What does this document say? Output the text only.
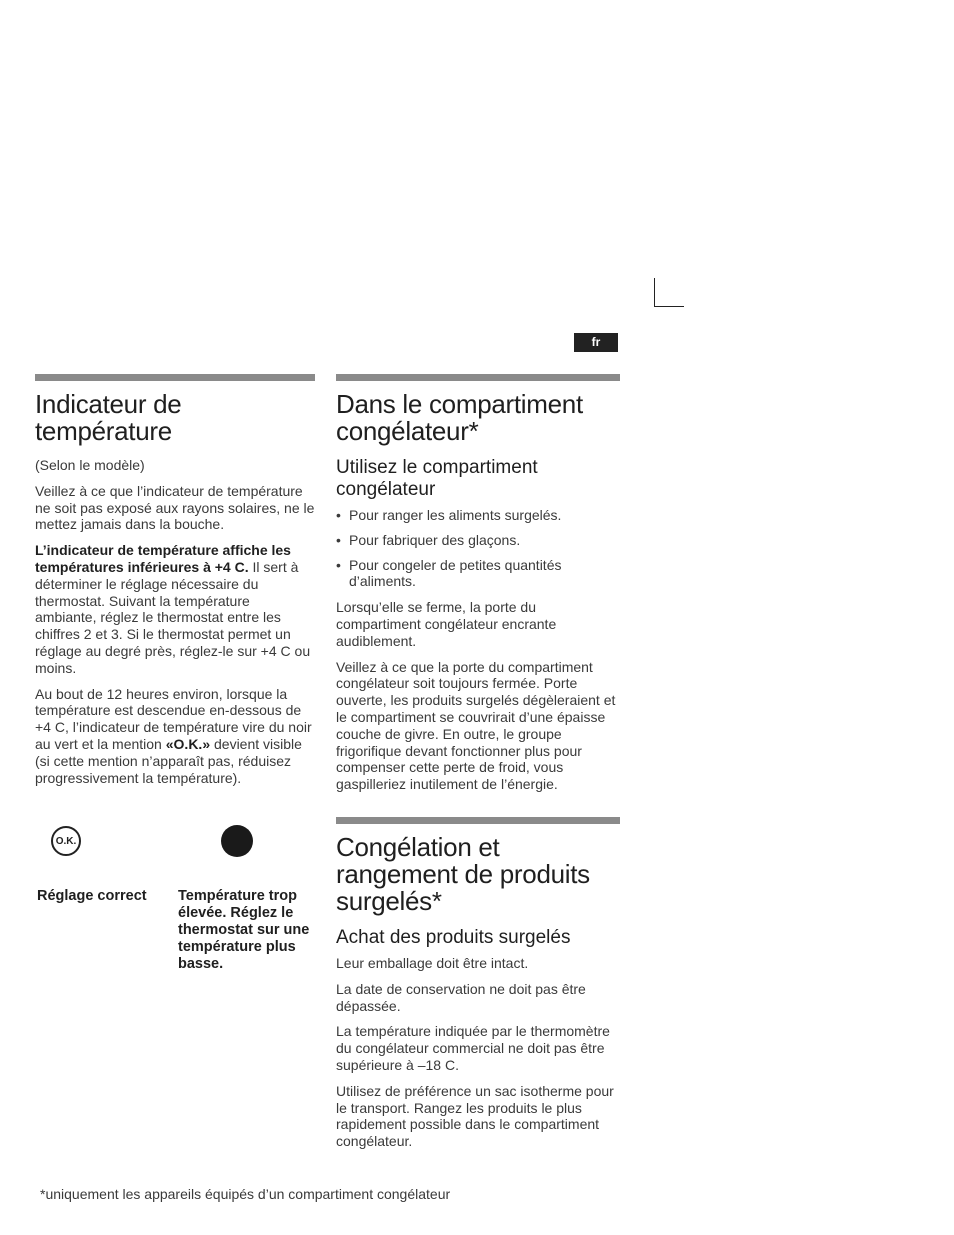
fr
Indicateur de température

(Selon le modèle)

Veillez à ce que l’indicateur de température ne soit pas exposé aux rayons solaires, ne le mettez jamais dans la bouche.

L’indicateur de température affiche les températures inférieures à +4 C. Il sert à déterminer le réglage nécessaire du thermostat. Suivant la température ambiante, réglez le thermostat entre les chiffres 2 et 3. Si le thermostat permet un réglage au degré près, réglez-le sur +4 C ou moins.

Au bout de 12 heures environ, lorsque la température est descendue en-dessous de +4 C, l’indicateur de température vire du noir au vert et la mention «O.K.» devient visible (si cette mention n’apparaît pas, réduisez progressivement la température).

O.K.
Réglage correct	Température trop élevée. Réglez le thermostat sur une température plus basse.
Dans le compartiment congélateur*
Utilisez le compartiment congélateur
• Pour ranger les aliments surgelés.
• Pour fabriquer des glaçons.
• Pour congeler de petites quantités d’aliments.

Lorsqu’elle se ferme, la porte du compartiment congélateur encrante audiblement.

Veillez à ce que la porte du compartiment congélateur soit toujours fermée. Porte ouverte, les produits surgelés dégèleraient et le compartiment se couvrirait d’une épaisse couche de givre. En outre, le groupe frigorifique devant fonctionner plus pour compenser cette perte de froid, vous gaspilleriez inutilement de l’énergie.

Congélation et rangement de produits surgelés*
Achat des produits surgelés

Leur emballage doit être intact.

La date de conservation ne doit pas être dépassée.

La température indiquée par le thermomètre du congélateur commercial ne doit pas être supérieure à –18 C.

Utilisez de préférence un sac isotherme pour le transport. Rangez les produits le plus rapidement possible dans le compartiment congélateur.

*uniquement les appareils équipés d’un compartiment congélateur
